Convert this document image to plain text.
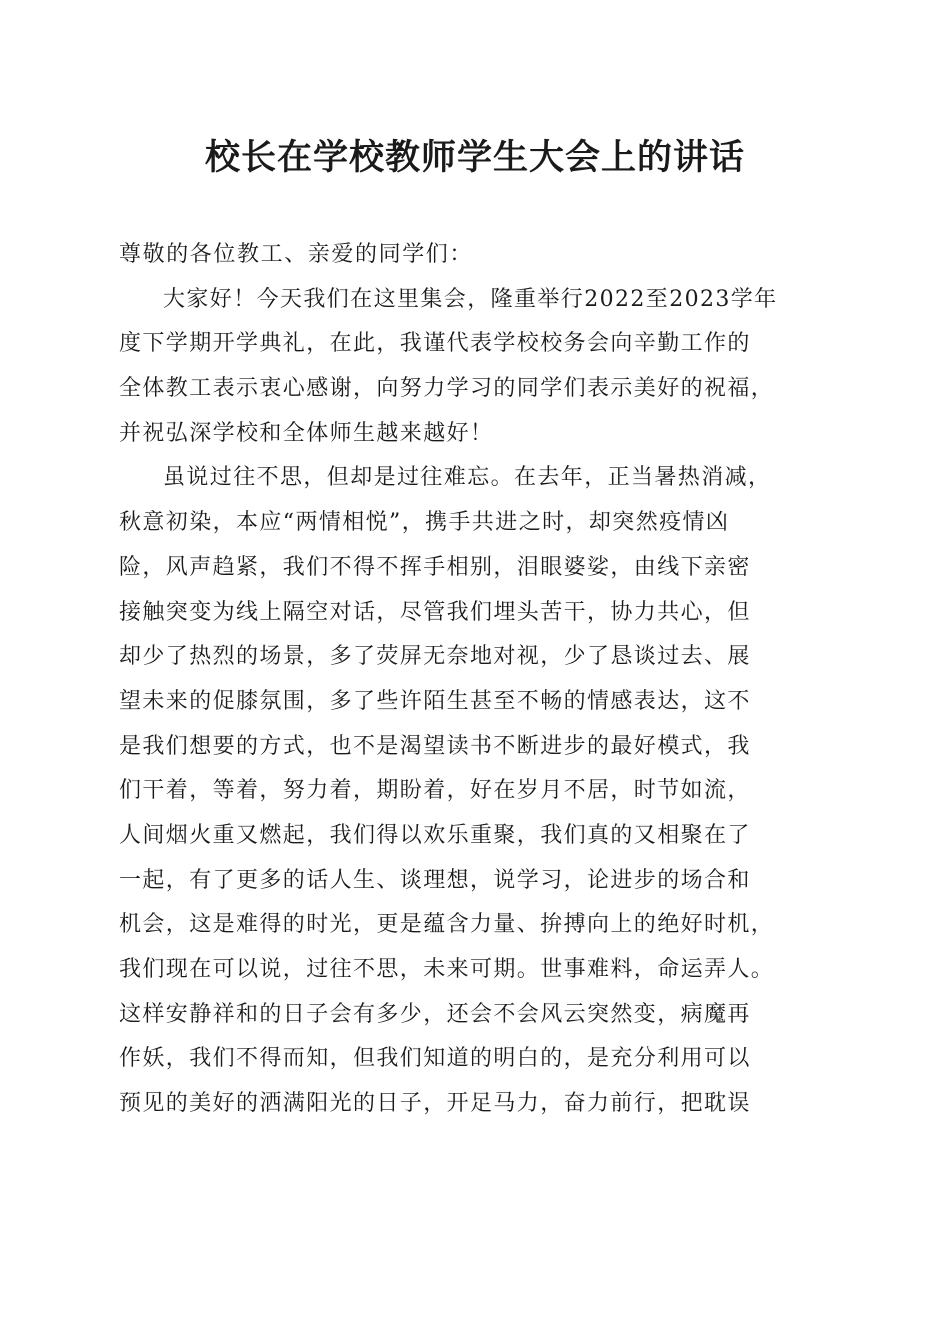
校长在学校教师学生大会上的讲话
尊敬的各位教工、亲爱的同学们：
大家好！今天我们在这里集会，隆重举行2022至2023学年
度下学期开学典礼，在此，我谨代表学校校务会向辛勤工作的
全体教工表示衷心感谢，向努力学习的同学们表示美好的祝福，
并祝弘深学校和全体师生越来越好！
虽说过往不思，但却是过往难忘。在去年，正当暑热消减，
秋意初染，本应“两情相悦”，携手共进之时，却突然疫情凶
险，风声趋紧，我们不得不挥手相别，泪眼婆娑，由线下亲密
接触突变为线上隔空对话，尽管我们埋头苦干，协力共心，但
却少了热烈的场景，多了荧屏无奈地对视，少了恳谈过去、展
望未来的促膝氛围，多了些许陌生甚至不畅的情感表达，这不
是我们想要的方式，也不是渴望读书不断进步的最好模式，我
们干着，等着，努力着，期盼着，好在岁月不居，时节如流，
人间烟火重又燃起，我们得以欢乐重聚，我们真的又相聚在了
一起，有了更多的话人生、谈理想，说学习，论进步的场合和
机会，这是难得的时光，更是蕴含力量、拚搏向上的绝好时机，
我们现在可以说，过往不思，未来可期。世事难料，命运弄人。
这样安静祥和的日子会有多少，还会不会风云突然变，病魔再
作妖，我们不得而知，但我们知道的明白的，是充分利用可以
预见的美好的洒满阳光的日子，开足马力，奋力前行，把耽误
